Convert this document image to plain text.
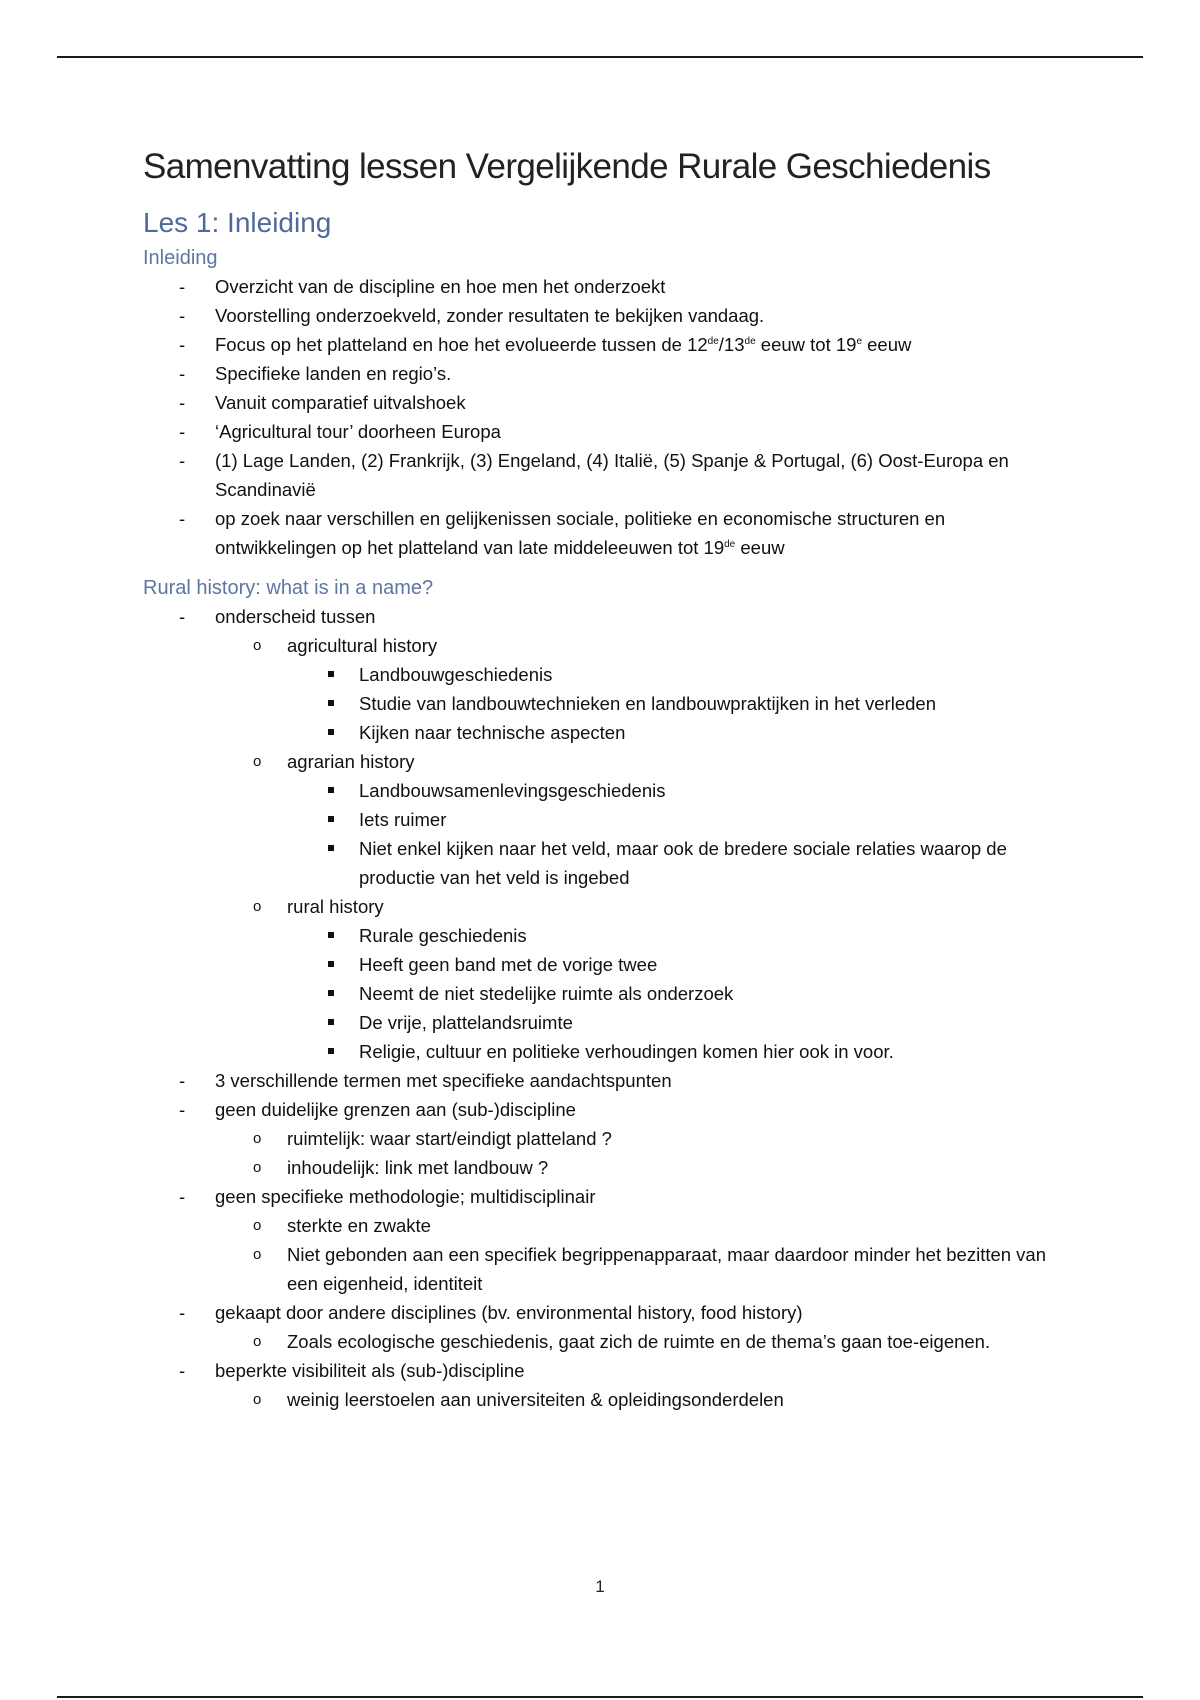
Samenvatting lessen Vergelijkende Rurale Geschiedenis
Les 1: Inleiding
Inleiding
- Overzicht van de discipline en hoe men het onderzoekt
- Voorstelling onderzoekveld, zonder resultaten te bekijken vandaag.
- Focus op het platteland en hoe het evolueerde tussen de 12de/13de eeuw tot 19e eeuw
- Specifieke landen en regio’s.
- Vanuit comparatief uitvalshoek
- ‘Agricultural tour’ doorheen Europa
- (1) Lage Landen, (2) Frankrijk, (3) Engeland, (4) Italië, (5) Spanje & Portugal, (6) Oost-Europa en Scandinavië
- op zoek naar verschillen en gelijkenissen sociale, politieke en economische structuren en ontwikkelingen op het platteland van late middeleeuwen tot 19de eeuw
Rural history: what is in a name?
- onderscheid tussen
o agricultural history
Landbouwgeschiedenis
Studie van landbouwtechnieken en landbouwpraktijken in het verleden
Kijken naar technische aspecten
o agrarian history
Landbouwsamenlevingsgeschiedenis
Iets ruimer
Niet enkel kijken naar het veld, maar ook de bredere sociale relaties waarop de productie van het veld is ingebed
o rural history
Rurale geschiedenis
Heeft geen band met de vorige twee
Neemt de niet stedelijke ruimte als onderzoek
De vrije, plattelandsruimte
Religie, cultuur en politieke verhoudingen komen hier ook in voor.
- 3 verschillende termen met specifieke aandachtspunten
- geen duidelijke grenzen aan (sub-)discipline
o ruimtelijk: waar start/eindigt platteland ?
o inhoudelijk: link met landbouw ?
- geen specifieke methodologie; multidisciplinair
o sterkte en zwakte
o Niet gebonden aan een specifiek begrippenapparaat, maar daardoor minder het bezitten van een eigenheid, identiteit
- gekaapt door andere disciplines (bv. environmental history, food history)
o Zoals ecologische geschiedenis, gaat zich de ruimte en de thema’s gaan toe-eigenen.
- beperkte visibiliteit als (sub-)discipline
o weinig leerstoelen aan universiteiten & opleidingsonderdelen
1
